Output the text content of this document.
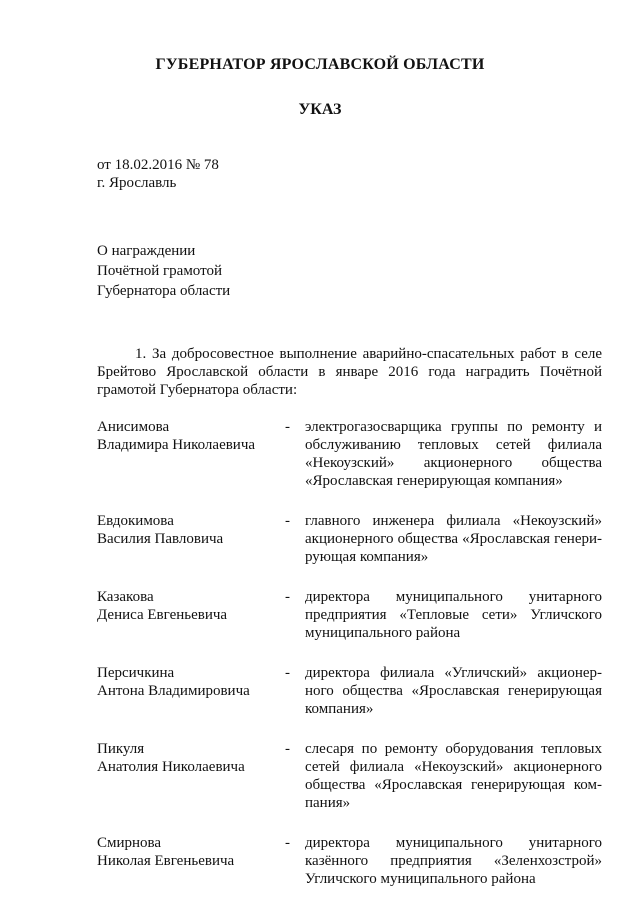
ГУБЕРНАТОР ЯРОСЛАВСКОЙ ОБЛАСТИ
УКАЗ
от 18.02.2016 № 78
г. Ярославль
О награждении
Почётной грамотой
Губернатора области
1. За добросовестное выполнение аварийно-спасательных работ в селе Брейтово Ярославской области в январе 2016 года наградить Почётной грамотой Губернатора области:
Анисимова
Владимира Николаевича
- электрогазосварщика группы по ремонту и обслуживанию тепловых сетей филиала «Некоузский» акционерного общества «Ярославская генерирующая компания»
Евдокимова
Василия Павловича
- главного инженера филиала «Некоузский» акционерного общества «Ярославская генери-рующая компания»
Казакова
Дениса Евгеньевича
- директора муниципального унитарного предприятия «Тепловые сети» Угличского муниципального района
Персичкина
Антона Владимировича
- директора филиала «Угличский» акционер-ного общества «Ярославская генерирующая компания»
Пикуля
Анатолия Николаевича
- слесаря по ремонту оборудования тепловых сетей филиала «Некоузский» акционерного общества «Ярославская генерирующая ком-пания»
Смирнова
Николая Евгеньевича
- директора муниципального унитарного казённого предприятия «Зеленхозстрой» Угличского муниципального района
